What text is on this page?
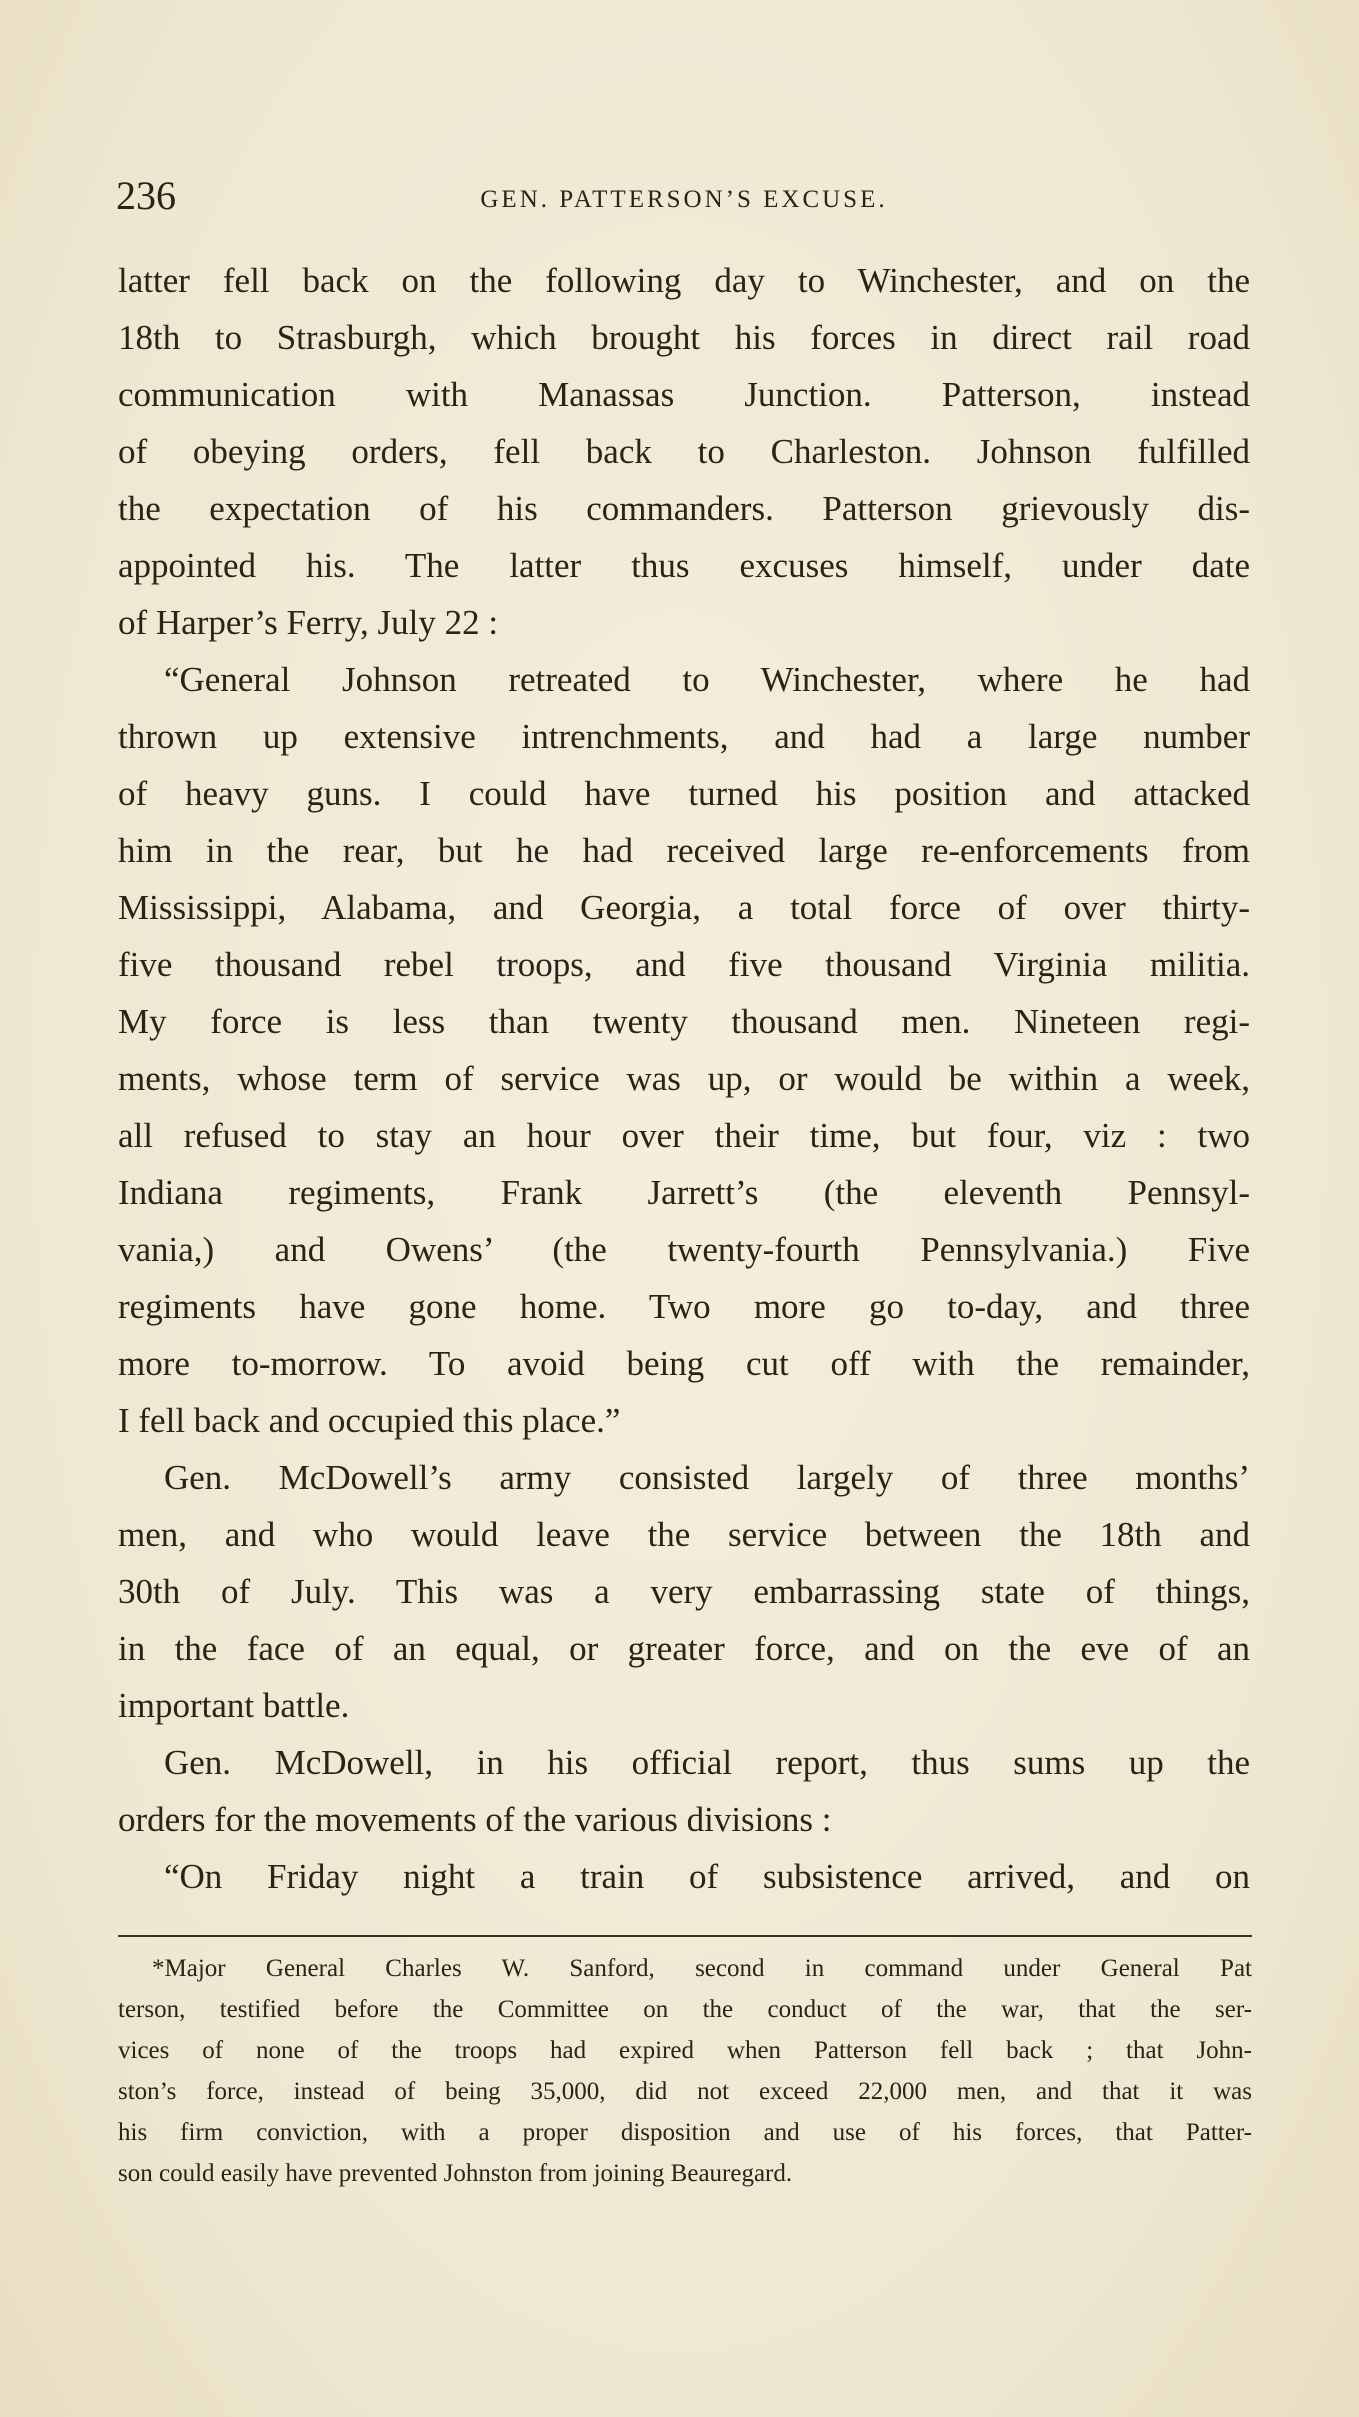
236	GEN. PATTERSON’S EXCUSE.
latter fell back on the following day to Winchester, and on the
18th to Strasburgh, which brought his forces in direct rail road
communication with Manassas Junction. Patterson, instead
of obeying orders, fell back to Charleston. Johnson fulfilled
the expectation of his commanders. Patterson grievously dis-
appointed his. The latter thus excuses himself, under date
of Harper’s Ferry, July 22 :
“General Johnson retreated to Winchester, where he had
thrown up extensive intrenchments, and had a large number
of heavy guns. I could have turned his position and attacked
him in the rear, but he had received large re-enforcements from
Mississippi, Alabama, and Georgia, a total force of over thirty-
five thousand rebel troops, and five thousand Virginia militia.
My force is less than twenty thousand men. Nineteen regi-
ments, whose term of service was up, or would be within a week,
all refused to stay an hour over their time, but four, viz : two
Indiana regiments, Frank Jarrett’s (the eleventh Pennsyl-
vania,) and Owens’ (the twenty-fourth Pennsylvania.) Five
regiments have gone home. Two more go to-day, and three
more to-morrow. To avoid being cut off with the remainder,
I fell back and occupied this place.”
Gen. McDowell’s army consisted largely of three months’
men, and who would leave the service between the 18th and
30th of July. This was a very embarrassing state of things,
in the face of an equal, or greater force, and on the eve of an
important battle.
Gen. McDowell, in his official report, thus sums up the
orders for the movements of the various divisions :
“On Friday night a train of subsistence arrived, and on
*Major General Charles W. Sanford, second in command under General Pat
terson, testified before the Committee on the conduct of the war, that the ser-
vices of none of the troops had expired when Patterson fell back ; that John-
ston’s force, instead of being 35,000, did not exceed 22,000 men, and that it was
his firm conviction, with a proper disposition and use of his forces, that Patter-
son could easily have prevented Johnston from joining Beauregard.
